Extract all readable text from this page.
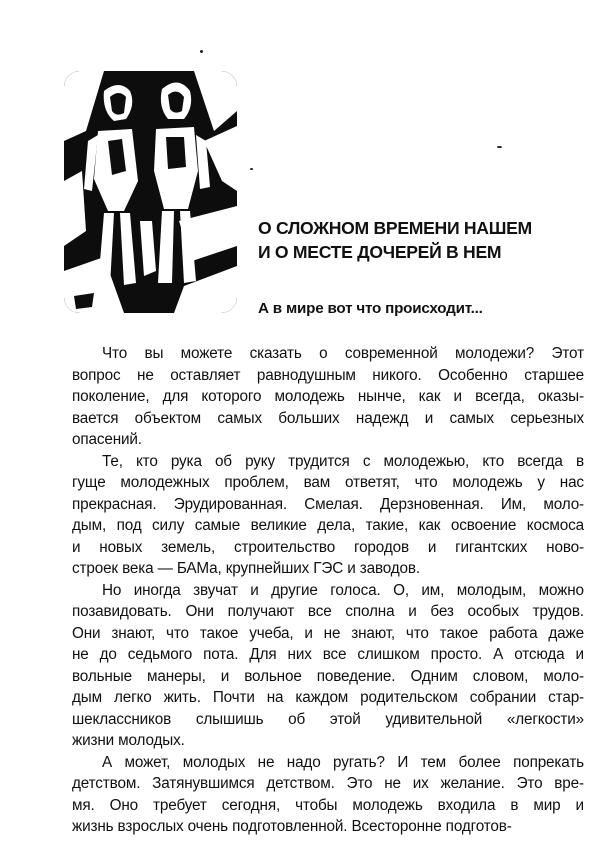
О СЛОЖНОМ ВРЕМЕНИ НАШЕМ
И О МЕСТЕ ДОЧЕРЕЙ В НЕМ
А в мире вот что происходит...

Что вы можете сказать о современной молодежи? Этот
вопрос не оставляет равнодушным никого. Особенно старшее
поколение, для которого молодежь нынче, как и всегда, оказы-
вается объектом самых больших надежд и самых серьезных
опасений.

Те, кто рука об руку трудится с молодежью, кто всегда в
гуще молодежных проблем, вам ответят, что молодежь у нас
прекрасная. Эрудированная. Смелая. Дерзновенная. Им, моло-
дым, под силу самые великие дела, такие, как освоение космоса
и новых земель, строительство городов и гигантских ново-
строек века — БАМа, крупнейших ГЭС и заводов.

Но иногда звучат и другие голоса. О, им, молодым, можно
позавидовать. Они получают все сполна и без особых трудов.
Они знают, что такое учеба, и не знают, что такое работа даже
не до седьмого пота. Для них все слишком просто. А отсюда и
вольные манеры, и вольное поведение. Одним словом, моло-
дым легко жить. Почти на каждом родительском собрании стар-
шеклассников слышишь об этой удивительной «легкости»
жизни молодых.

А может, молодых не надо ругать? И тем более попрекать
детством. Затянувшимся детством. Это не их желание. Это вре-
мя. Оно требует сегодня, чтобы молодежь входила в мир и
жизнь взрослых очень подготовленной. Всесторонне подготов-
